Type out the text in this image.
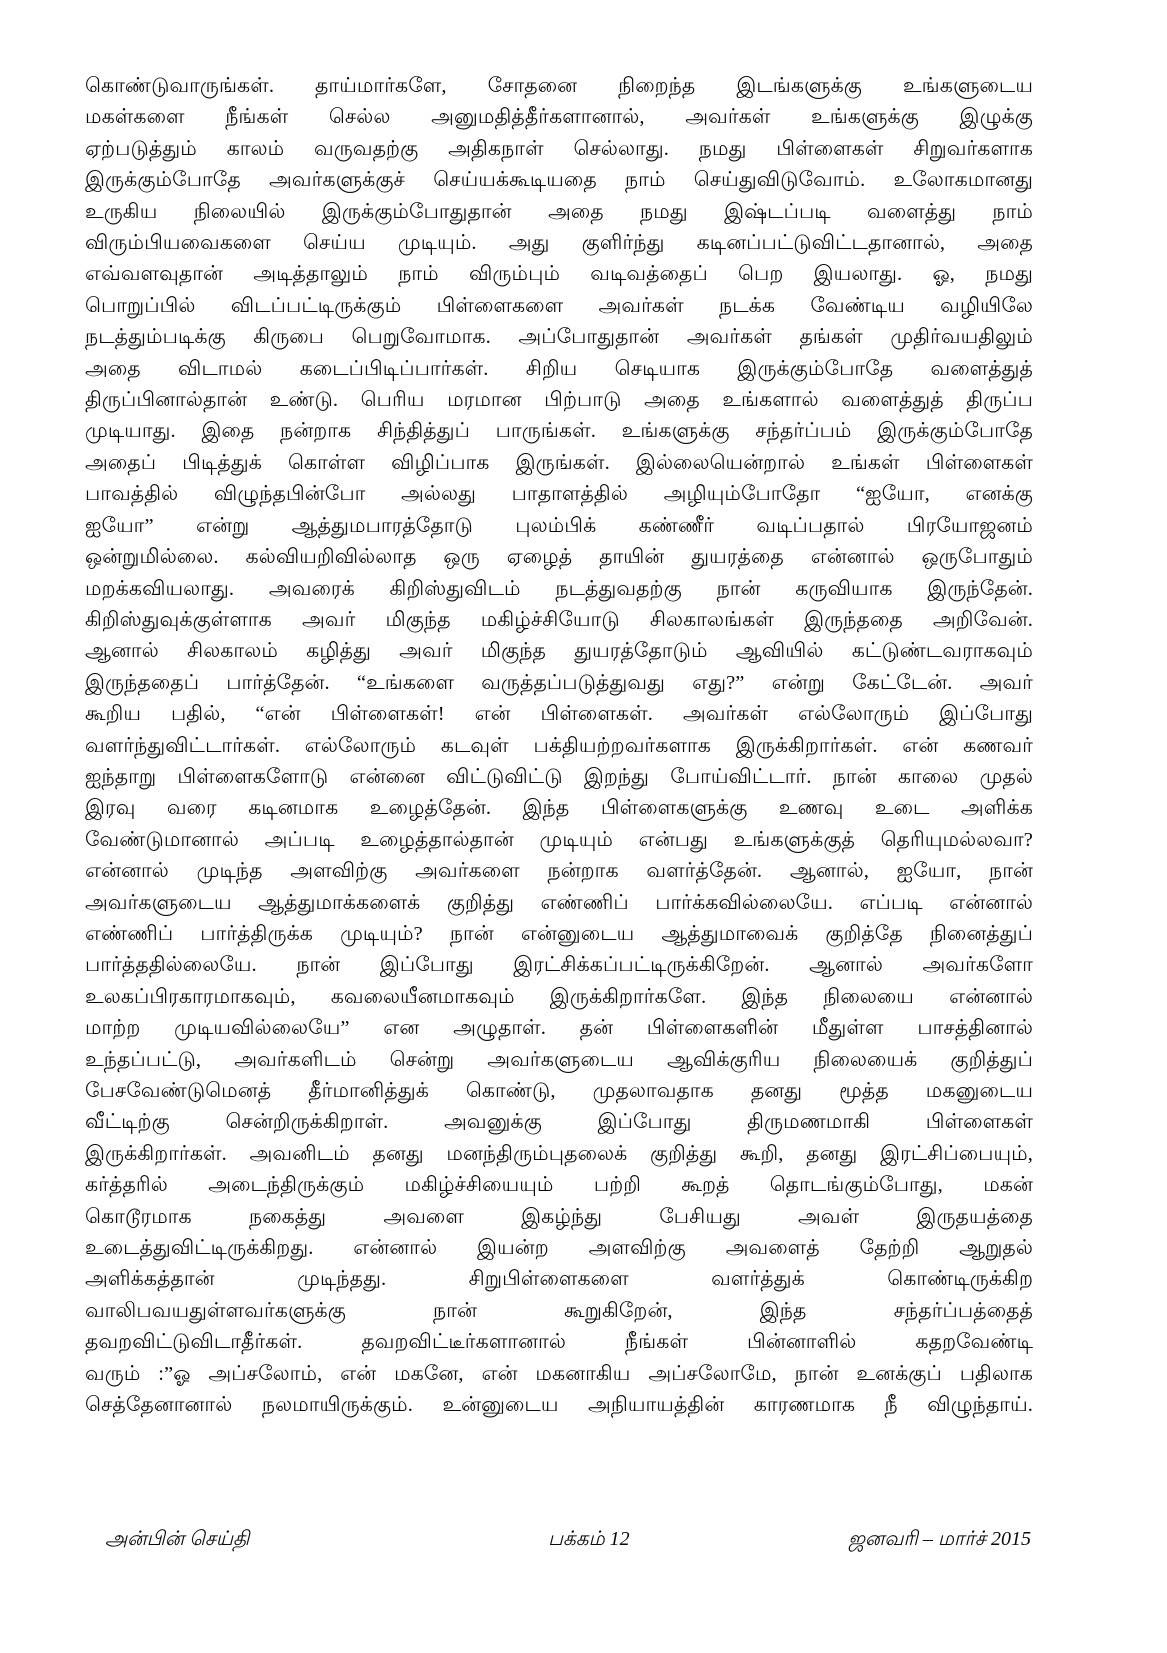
கொண்டுவாருங்கள். தாய்மார்களே, சோதனை நிறைந்த இடங்களுக்கு உங்களுடைய
மகள்களை நீங்கள் செல்ல அனுமதித்தீர்களானால், அவர்கள் உங்களுக்கு இழுக்கு
ஏற்படுத்தும் காலம் வருவதற்கு அதிகநாள் செல்லாது. நமது பிள்ளைகள் சிறுவர்களாக
இருக்கும்போதே அவர்களுக்குச் செய்யக்கூடியதை நாம் செய்துவிடுவோம். உலோகமானது
உருகிய நிலையில் இருக்கும்போதுதான் அதை நமது இஷ்டப்படி வளைத்து நாம்
விரும்பியவைகளை செய்ய முடியும். அது குளிர்ந்து கடினப்பட்டுவிட்டதானால், அதை
எவ்வளவுதான் அடித்தாலும் நாம் விரும்பும் வடிவத்தைப் பெற இயலாது. ஓ, நமது
பொறுப்பில் விடப்பட்டிருக்கும் பிள்ளைகளை அவர்கள் நடக்க வேண்டிய வழியிலே
நடத்தும்படிக்கு கிருபை பெறுவோமாக. அப்போதுதான் அவர்கள் தங்கள் முதிர்வயதிலும்
அதை விடாமல் கடைப்பிடிப்பார்கள். சிறிய செடியாக இருக்கும்போதே வளைத்துத்
திருப்பினால்தான் உண்டு. பெரிய மரமான பிற்பாடு அதை உங்களால் வளைத்துத் திருப்ப
முடியாது. இதை நன்றாக சிந்தித்துப் பாருங்கள். உங்களுக்கு சந்தர்ப்பம் இருக்கும்போதே
அதைப் பிடித்துக் கொள்ள விழிப்பாக இருங்கள். இல்லையென்றால் உங்கள் பிள்ளைகள்
பாவத்தில் விழுந்தபின்போ அல்லது பாதாளத்தில் அழியும்போதோ “ஐயோ, எனக்கு
ஐயோ” என்று ஆத்துமபாரத்தோடு புலம்பிக் கண்ணீர் வடிப்பதால் பிரயோஜனம்
ஒன்றுமில்லை. கல்வியறிவில்லாத ஒரு ஏழைத் தாயின் துயரத்தை என்னால் ஒருபோதும்
மறக்கவியலாது. அவரைக் கிறிஸ்துவிடம் நடத்துவதற்கு நான் கருவியாக இருந்தேன்.
கிறிஸ்துவுக்குள்ளாக அவர் மிகுந்த மகிழ்ச்சியோடு சிலகாலங்கள் இருந்ததை அறிவேன்.
ஆனால் சிலகாலம் கழித்து அவர் மிகுந்த துயரத்தோடும் ஆவியில் கட்டுண்டவராகவும்
இருந்ததைப் பார்த்தேன். “உங்களை வருத்தப்படுத்துவது எது?” என்று கேட்டேன். அவர்
கூறிய பதில், “என் பிள்ளைகள்! என் பிள்ளைகள். அவர்கள் எல்லோரும் இப்போது
வளர்ந்துவிட்டார்கள். எல்லோரும் கடவுள் பக்தியற்றவர்களாக இருக்கிறார்கள். என் கணவர்
ஐந்தாறு பிள்ளைகளோடு என்னை விட்டுவிட்டு இறந்து போய்விட்டார். நான் காலை முதல்
இரவு வரை கடினமாக உழைத்தேன். இந்த பிள்ளைகளுக்கு உணவு உடை அளிக்க
வேண்டுமானால் அப்படி உழைத்தால்தான் முடியும் என்பது உங்களுக்குத் தெரியுமல்லவா?
என்னால் முடிந்த அளவிற்கு அவர்களை நன்றாக வளர்த்தேன். ஆனால், ஐயோ, நான்
அவர்களுடைய ஆத்துமாக்களைக் குறித்து எண்ணிப் பார்க்கவில்லையே. எப்படி என்னால்
எண்ணிப் பார்த்திருக்க முடியும்? நான் என்னுடைய ஆத்துமாவைக் குறித்தே நினைத்துப்
பார்த்ததில்லையே. நான் இப்போது இரட்சிக்கப்பட்டிருக்கிறேன். ஆனால் அவர்களோ
உலகப்பிரகாரமாகவும், கவலையீனமாகவும் இருக்கிறார்களே. இந்த நிலையை என்னால்
மாற்ற முடியவில்லையே” என அழுதாள். தன் பிள்ளைகளின் மீதுள்ள பாசத்தினால்
உந்தப்பட்டு, அவர்களிடம் சென்று அவர்களுடைய ஆவிக்குரிய நிலையைக் குறித்துப்
பேசவேண்டுமெனத் தீர்மானித்துக் கொண்டு, முதலாவதாக தனது மூத்த மகனுடைய
வீட்டிற்கு சென்றிருக்கிறாள். அவனுக்கு இப்போது திருமணமாகி பிள்ளைகள்
இருக்கிறார்கள். அவனிடம் தனது மனந்திரும்புதலைக் குறித்து கூறி, தனது இரட்சிப்பையும்,
கர்த்தரில் அடைந்திருக்கும் மகிழ்ச்சியையும் பற்றி கூறத் தொடங்கும்போது, மகன்
கொடூரமாக நகைத்து அவளை இகழ்ந்து பேசியது அவள் இருதயத்தை
உடைத்துவிட்டிருக்கிறது. என்னால் இயன்ற அளவிற்கு அவளைத் தேற்றி ஆறுதல்
அளிக்கத்தான் முடிந்தது. சிறுபிள்ளைகளை வளர்த்துக் கொண்டிருக்கிற
வாலிபவயதுள்ளவர்களுக்கு நான் கூறுகிறேன், இந்த சந்தர்ப்பத்தைத்
தவறவிட்டுவிடாதீர்கள். தவறவிட்டீர்களானால் நீங்கள் பின்னாளில் கதறவேண்டி
வரும் :”ஓ அப்சலோம், என் மகனே, என் மகனாகிய அப்சலோமே, நான் உனக்குப் பதிலாக
செத்தேனானால் நலமாயிருக்கும். உன்னுடைய அநியாயத்தின் காரணமாக நீ விழுந்தாய்.
அன்பின் செய்தி	பக்கம் 12	ஜனவரி – மார்ச் 2015
